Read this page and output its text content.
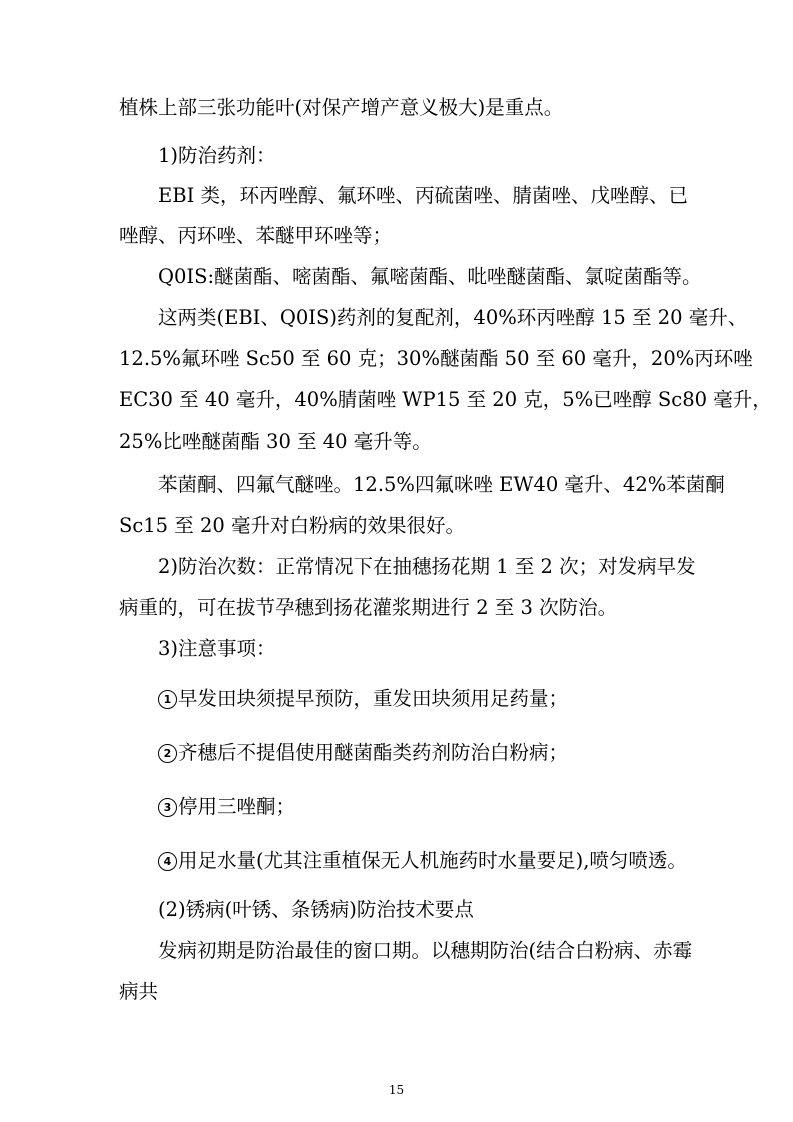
植株上部三张功能叶(对保产增产意义极大)是重点。
1)防治药剂：
EBI 类，环丙唑醇、氟环唑、丙硫菌唑、腈菌唑、戊唑醇、已
唑醇、丙环唑、苯醚甲环唑等；
Q0IS:醚菌酯、嘧菌酯、氟嘧菌酯、吡唑醚菌酯、氯啶菌酯等。
这两类(EBI、Q0IS)药剂的复配剂，40%环丙唑醇 15 至 20 毫升、
12.5%氟环唑 Sc50 至 60 克；30%醚菌酯 50 至 60 毫升，20%丙环唑
EC30 至 40 毫升，40%腈菌唑 WP15 至 20 克，5%已唑醇 Sc80 毫升，
25%比唑醚菌酯 30 至 40 毫升等。
苯菌酮、四氟气醚唑。12.5%四氟咪唑 EW40 毫升、42%苯菌酮
Sc15 至 20 毫升对白粉病的效果很好。
2)防治次数：正常情况下在抽穗扬花期 1 至 2 次；对发病早发
病重的，可在拔节孕穗到扬花灌浆期进行 2 至 3 次防治。
3)注意事项：
1 早发田块须提早预防，重发田块须用足药量；
2 齐穗后不提倡使用醚菌酯类药剂防治白粉病；
3 停用三唑酮；
4 用足水量(尤其注重植保无人机施药时水量要足),喷匀喷透。
(2)锈病(叶锈、条锈病)防治技术要点
发病初期是防治最佳的窗口期。以穗期防治(结合白粉病、赤霉
病共
15
